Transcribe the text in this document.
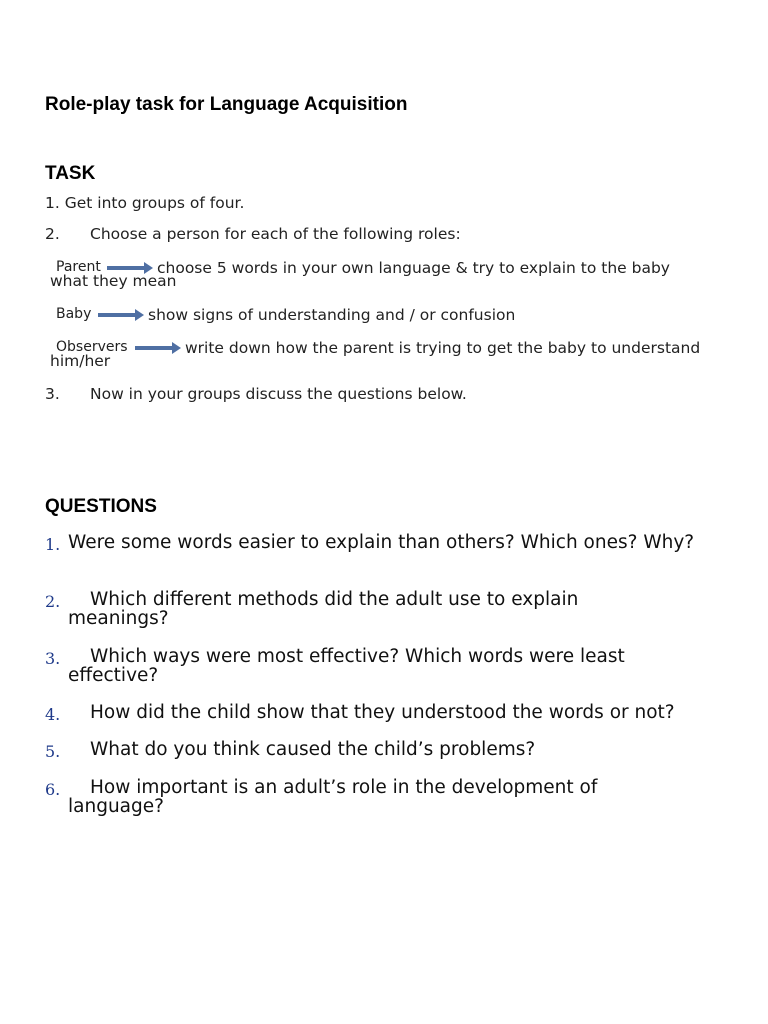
Role-play task for Language Acquisition
TASK
1. Get into groups of four.
2. Choose a person for each of the following roles:
Parent	choose 5 words in your own language & try to explain to the baby
what they mean
Baby	show signs of understanding and / or confusion
Observers	write down how the parent is trying to get the baby to understand
him/her
3. Now in your groups discuss the questions below.
QUESTIONS
1. Were some words easier to explain than others? Which ones? Why?
2.	Which different methods did the adult use to explain meanings?
3.	Which ways were most effective? Which words were least effective?
4. How did the child show that they understood the words or not?
5. What do you think caused the child’s problems?
6.	How important is an adult’s role in the development of language?
